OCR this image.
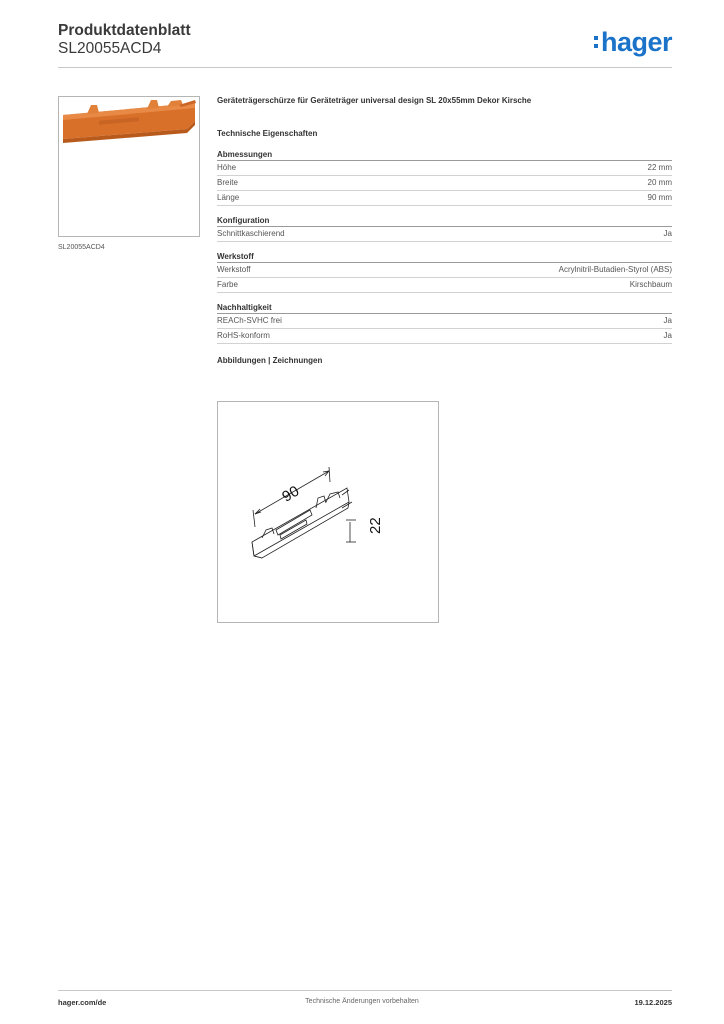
Produktdatenblatt
SL20055ACD4	hager
SL20055ACD4
Geräteträgerschürze für Geräteträger universal design SL 20x55mm Dekor Kirsche
Technische Eigenschaften
Abmessungen
Höhe	22 mm
Breite	20 mm
Länge	90 mm
Konfiguration
Schnittkaschierend	Ja
Werkstoff
Werkstoff	Acrylnitril-Butadien-Styrol (ABS)
Farbe	Kirschbaum
Nachhaltigkeit
REACh-SVHC frei	Ja
RoHS-konform	Ja
Abbildungen | Zeichnungen
90
22
hager.com/de	Technische Änderungen vorbehalten	19.12.2025
